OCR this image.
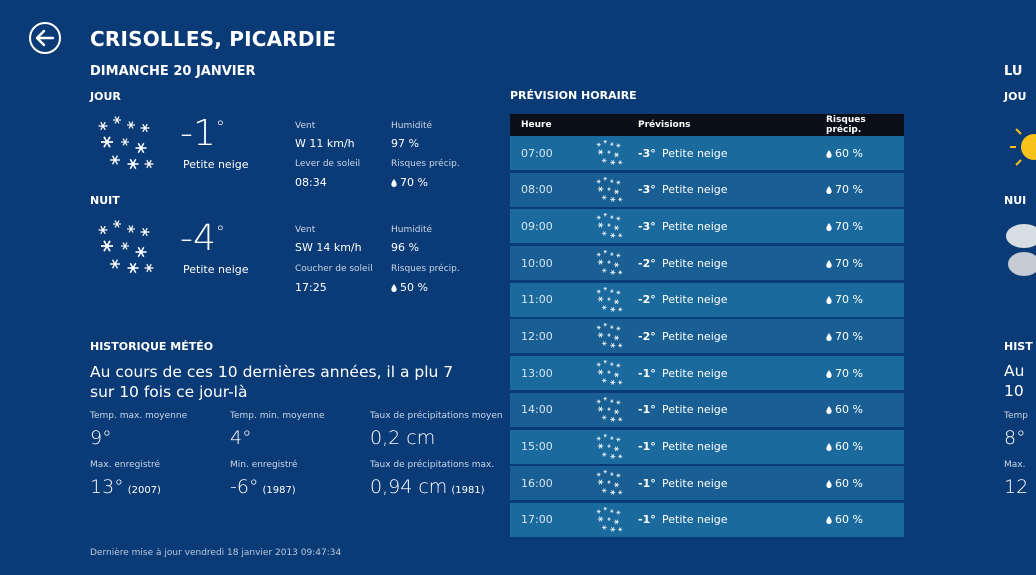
CRISOLLES, PICARDIE
DIMANCHE 20 JANVIER
JOUR
-1°
Petite neige
Vent
W 11 km/h
Humidité
97 %
Lever de soleil
08:34
Risques précip.
70 %
NUIT
-4°
Petite neige
Vent
SW 14 km/h
Humidité
96 %
Coucher de soleil
17:25
Risques précip.
50 %
HISTORIQUE MÉTÉO
Au cours de ces 10 dernières années, il a plu 7 sur 10 fois ce jour-là
Temp. max. moyenne
9°
Temp. min. moyenne
4°
Taux de précipitations moyen
0,2 cm
Max. enregistré
13° (2007)
Min. enregistré
-6° (1987)
Taux de précipitations max.
0,94 cm (1981)
Dernière mise à jour vendredi 18 janvier 2013 09:47:34
PRÉVISION HORAIRE
Heure	Prévisions	Risques précip.
07:00	-3° Petite neige	60 %
08:00	-3° Petite neige	70 %
09:00	-3° Petite neige	70 %
10:00	-2° Petite neige	70 %
11:00	-2° Petite neige	70 %
12:00	-2° Petite neige	70 %
13:00	-1° Petite neige	70 %
14:00	-1° Petite neige	60 %
15:00	-1° Petite neige	60 %
16:00	-1° Petite neige	60 %
17:00	-1° Petite neige	60 %
LU
JOU
NUI
HIST
Au
10
Temp
8°
Max.
12
